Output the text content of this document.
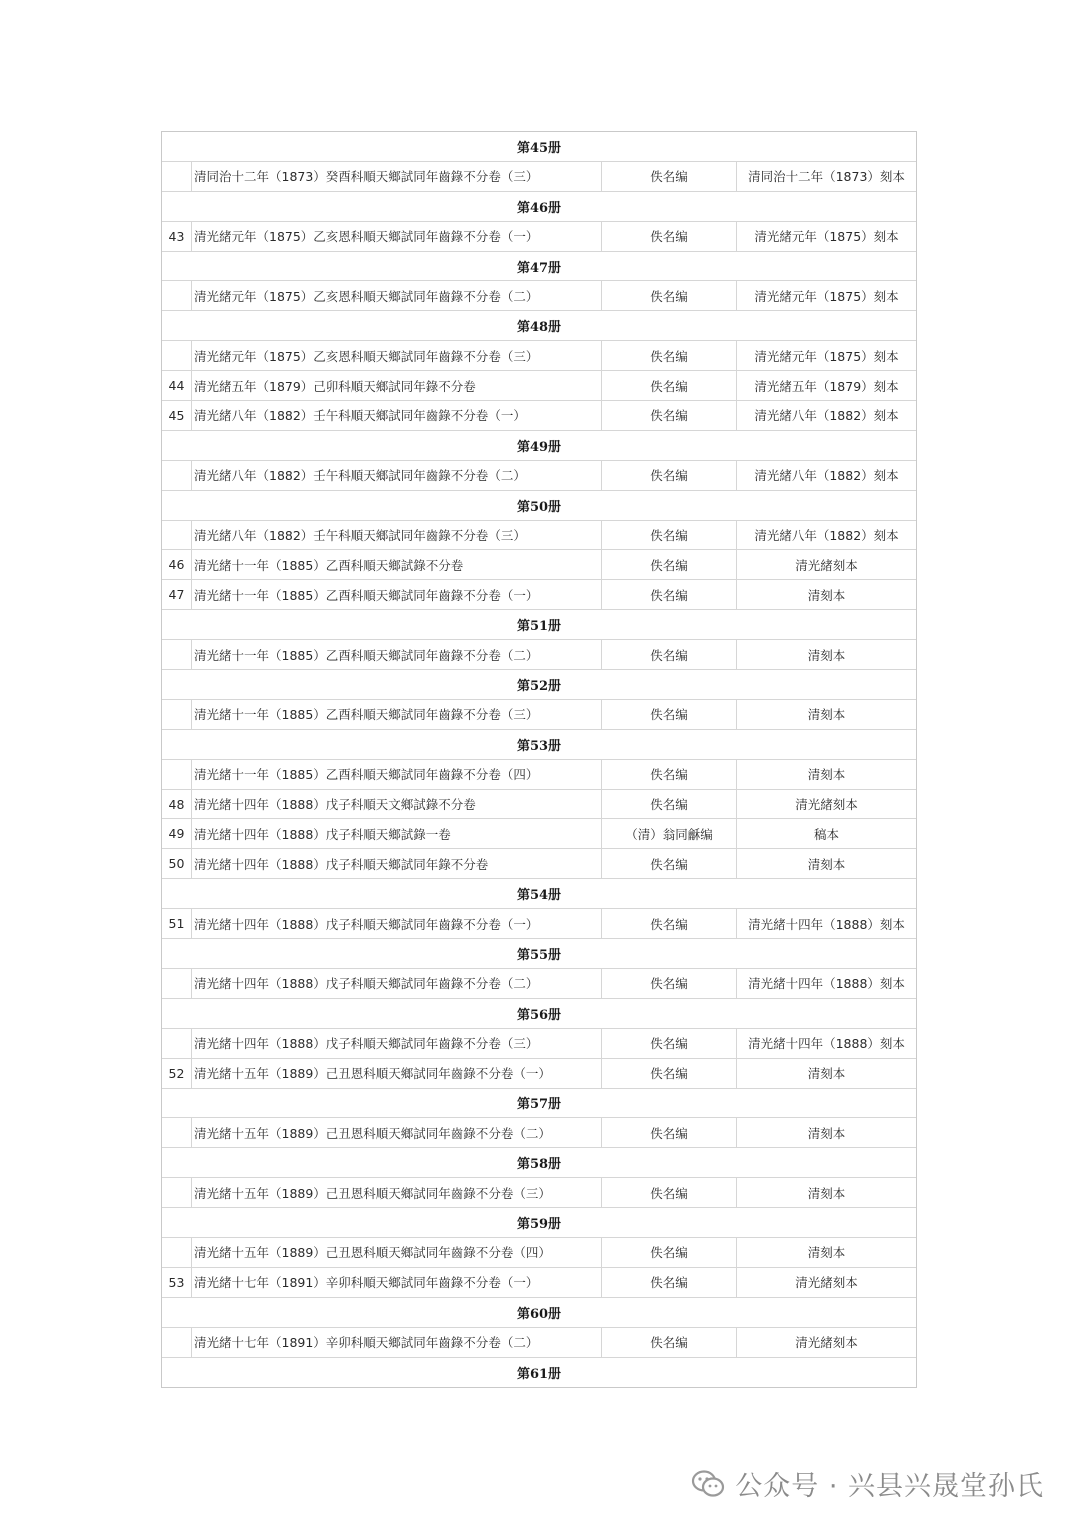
第45册
清同治十二年（1873）癸酉科順天鄉試同年齒錄不分卷（三）	佚名编	清同治十二年（1873）刻本
第46册
43 清光緒元年（1875）乙亥恩科順天鄉試同年齒錄不分卷（一）	佚名编	清光緒元年（1875）刻本
第47册
清光緒元年（1875）乙亥恩科順天鄉試同年齒錄不分卷（二）	佚名编	清光緒元年（1875）刻本
第48册
清光緒元年（1875）乙亥恩科順天鄉試同年齒錄不分卷（三）	佚名编	清光緒元年（1875）刻本
44 清光緒五年（1879）己卯科順天鄉試同年錄不分卷	佚名编	清光緒五年（1879）刻本
45 清光緒八年（1882）壬午科順天鄉試同年齒錄不分卷（一）	佚名编	清光緒八年（1882）刻本
第49册
清光緒八年（1882）壬午科順天鄉試同年齒錄不分卷（二）	佚名编	清光緒八年（1882）刻本
第50册
清光緒八年（1882）壬午科順天鄉試同年齒錄不分卷（三）	佚名编	清光緒八年（1882）刻本
46 清光緒十一年（1885）乙酉科順天鄉試錄不分卷	佚名编	清光緒刻本
47 清光緒十一年（1885）乙酉科順天鄉試同年齒錄不分卷（一）	佚名编	清刻本
第51册
清光緒十一年（1885）乙酉科順天鄉試同年齒錄不分卷（二）	佚名编	清刻本
第52册
清光緒十一年（1885）乙酉科順天鄉試同年齒錄不分卷（三）	佚名编	清刻本
第53册
清光緒十一年（1885）乙酉科順天鄉試同年齒錄不分卷（四）	佚名编	清刻本
48 清光緒十四年（1888）戊子科順天文鄉試錄不分卷	佚名编	清光緒刻本
49 清光緒十四年（1888）戊子科順天鄉試錄一卷	（清）翁同龢编	稿本
50 清光緒十四年（1888）戊子科順天鄉試同年錄不分卷	佚名编	清刻本
第54册
51 清光緒十四年（1888）戊子科順天鄉試同年齒錄不分卷（一）	佚名编	清光緒十四年（1888）刻本
第55册
清光緒十四年（1888）戊子科順天鄉試同年齒錄不分卷（二）	佚名编	清光緒十四年（1888）刻本
第56册
清光緒十四年（1888）戊子科順天鄉試同年齒錄不分卷（三）	佚名编	清光緒十四年（1888）刻本
52 清光緒十五年（1889）己丑恩科順天鄉試同年齒錄不分卷（一）	佚名编	清刻本
第57册
清光緒十五年（1889）己丑恩科順天鄉試同年齒錄不分卷（二）	佚名编	清刻本
第58册
清光緒十五年（1889）己丑恩科順天鄉試同年齒錄不分卷（三）	佚名编	清刻本
第59册
清光緒十五年（1889）己丑恩科順天鄉試同年齒錄不分卷（四）	佚名编	清刻本
53 清光緒十七年（1891）辛卯科順天鄉試同年齒錄不分卷（一）	佚名编	清光緒刻本
第60册
清光緒十七年（1891）辛卯科順天鄉試同年齒錄不分卷（二）	佚名编	清光緒刻本
第61册
公众号 · 兴县兴晟堂孙氏
